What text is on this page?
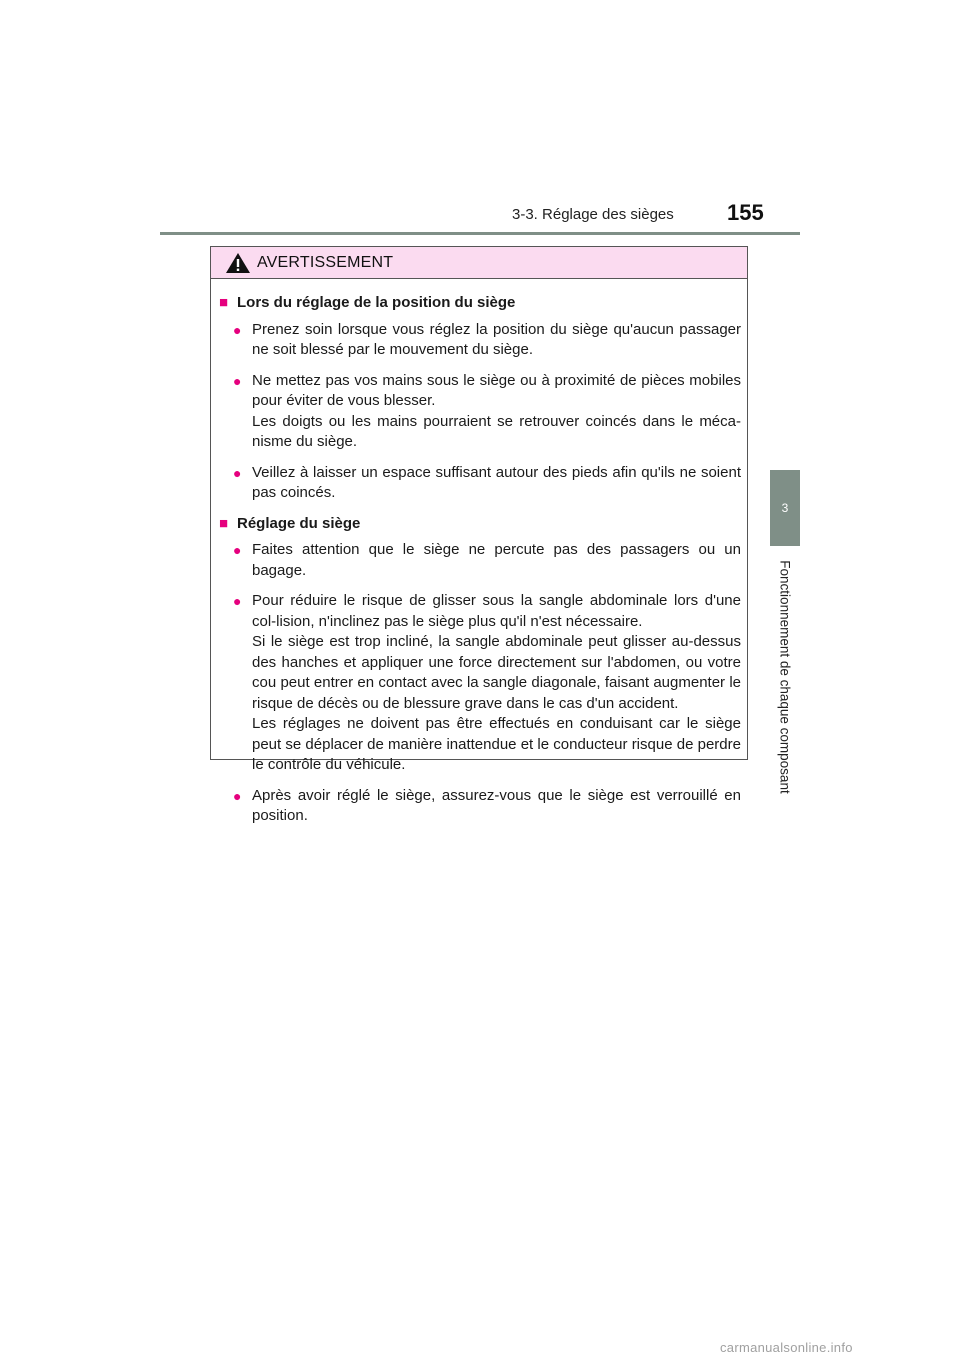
3-3. Réglage des sièges 155
3
Fonctionnement de chaque composant
AVERTISSEMENT
■ Lors du réglage de la position du siège
● Prenez soin lorsque vous réglez la position du siège qu'aucun passager ne soit blessé par le mouvement du siège.

● Ne mettez pas vos mains sous le siège ou à proximité de pièces mobiles pour éviter de vous blesser.

Les doigts ou les mains pourraient se retrouver coincés dans le méca-nisme du siège.

● Veillez à laisser un espace suffisant autour des pieds afin qu'ils ne soient pas coincés.

■ Réglage du siège
● Faites attention que le siège ne percute pas des passagers ou un bagage.

● Pour réduire le risque de glisser sous la sangle abdominale lors d'une col-lision, n'inclinez pas le siège plus qu'il n'est nécessaire.

Si le siège est trop incliné, la sangle abdominale peut glisser au-dessus des hanches et appliquer une force directement sur l'abdomen, ou votre cou peut entrer en contact avec la sangle diagonale, faisant augmenter le risque de décès ou de blessure grave dans le cas d'un accident.

Les réglages ne doivent pas être effectués en conduisant car le siège peut se déplacer de manière inattendue et le conducteur risque de perdre le contrôle du véhicule.

● Après avoir réglé le siège, assurez-vous que le siège est verrouillé en position.

carmanualsonline.info
